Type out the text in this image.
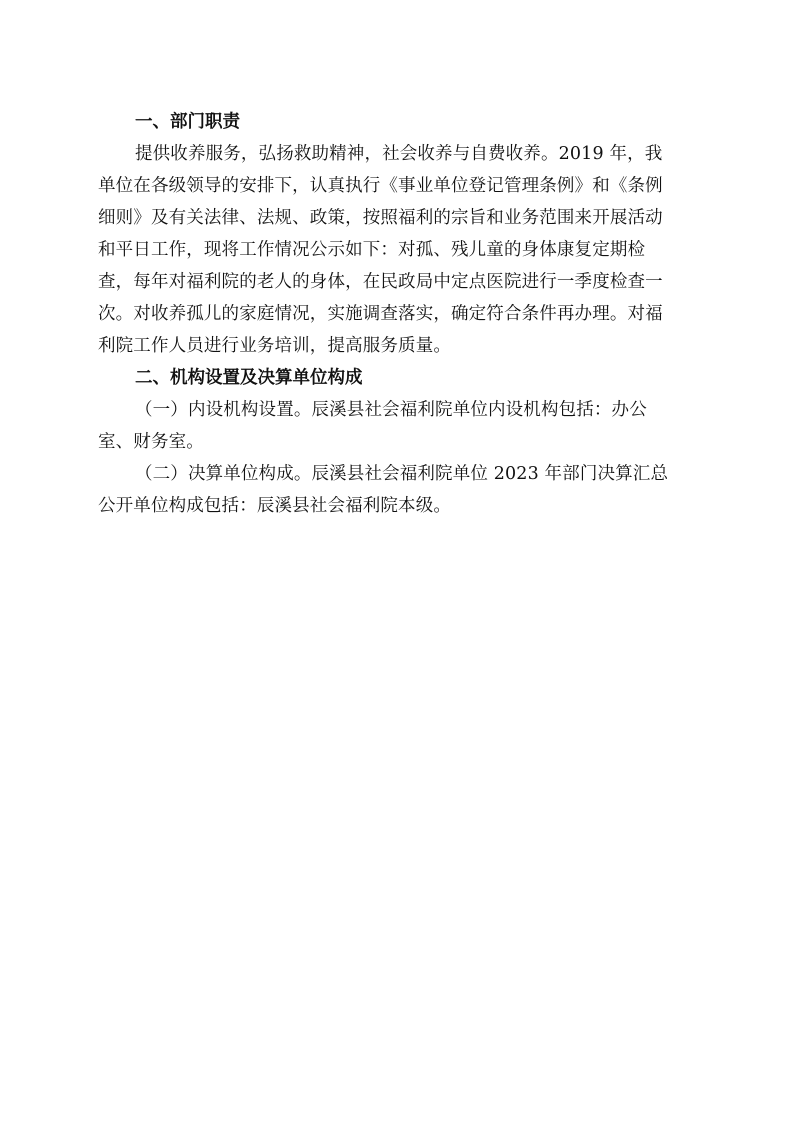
一、部门职责

提供收养服务，弘扬救助精神，社会收养与自费收养。2019 年，我
单位在各级领导的安排下，认真执行《事业单位登记管理条例》和《条例
细则》及有关法律、法规、政策，按照福利的宗旨和业务范围来开展活动
和平日工作，现将工作情况公示如下：对孤、残儿童的身体康复定期检
查，每年对福利院的老人的身体，在民政局中定点医院进行一季度检查一
次。对收养孤儿的家庭情况，实施调查落实，确定符合条件再办理。对福
利院工作人员进行业务培训，提高服务质量。

二、机构设置及决算单位构成

（一）内设机构设置。辰溪县社会福利院单位内设机构包括：办公
室、财务室。

（二）决算单位构成。辰溪县社会福利院单位 2023 年部门决算汇总
公开单位构成包括：辰溪县社会福利院本级。
